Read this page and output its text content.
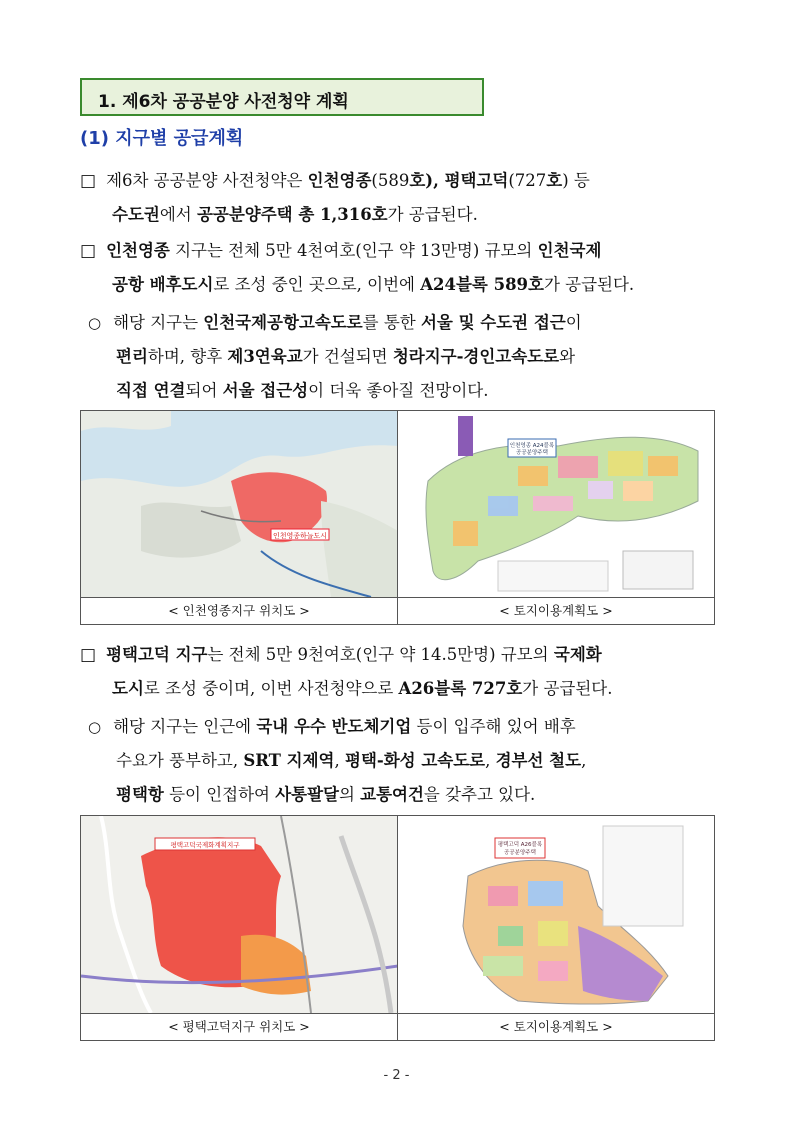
1. 제6차 공공분양 사전청약 계획
(1) 지구별 공급계획
□ 제6차 공공분양 사전청약은 인천영종(589호), 평택고덕(727호) 등
수도권에서 공공분양주택 총 1,316호가 공급된다.
□ 인천영종 지구는 전체 5만 4천여호(인구 약 13만명) 규모의 인천국제
공항 배후도시로 조성 중인 곳으로, 이번에 A24블록 589호가 공급된다.
○ 해당 지구는 인천국제공항고속도로를 통한 서울 및 수도권 접근이
편리하며, 향후 제3연육교가 건설되면 청라지구-경인고속도로와
직접 연결되어 서울 접근성이 더욱 좋아질 전망이다.
인천영종하늘도시
인천영종 A24블록
공공분양주택
< 인천영종지구 위치도 >	< 토지이용계획도 >
□ 평택고덕 지구는 전체 5만 9천여호(인구 약 14.5만명) 규모의 국제화
도시로 조성 중이며, 이번 사전청약으로 A26블록 727호가 공급된다.
○ 해당 지구는 인근에 국내 우수 반도체기업 등이 입주해 있어 배후
수요가 풍부하고, SRT 지제역, 평택-화성 고속도로, 경부선 철도,
평택항 등이 인접하여 사통팔달의 교통여건을 갖추고 있다.
평택고덕국제화계획지구	평택고덕 A26블록
공공분양주택
< 평택고덕지구 위치도 >	< 토지이용계획도 >
- 2 -
